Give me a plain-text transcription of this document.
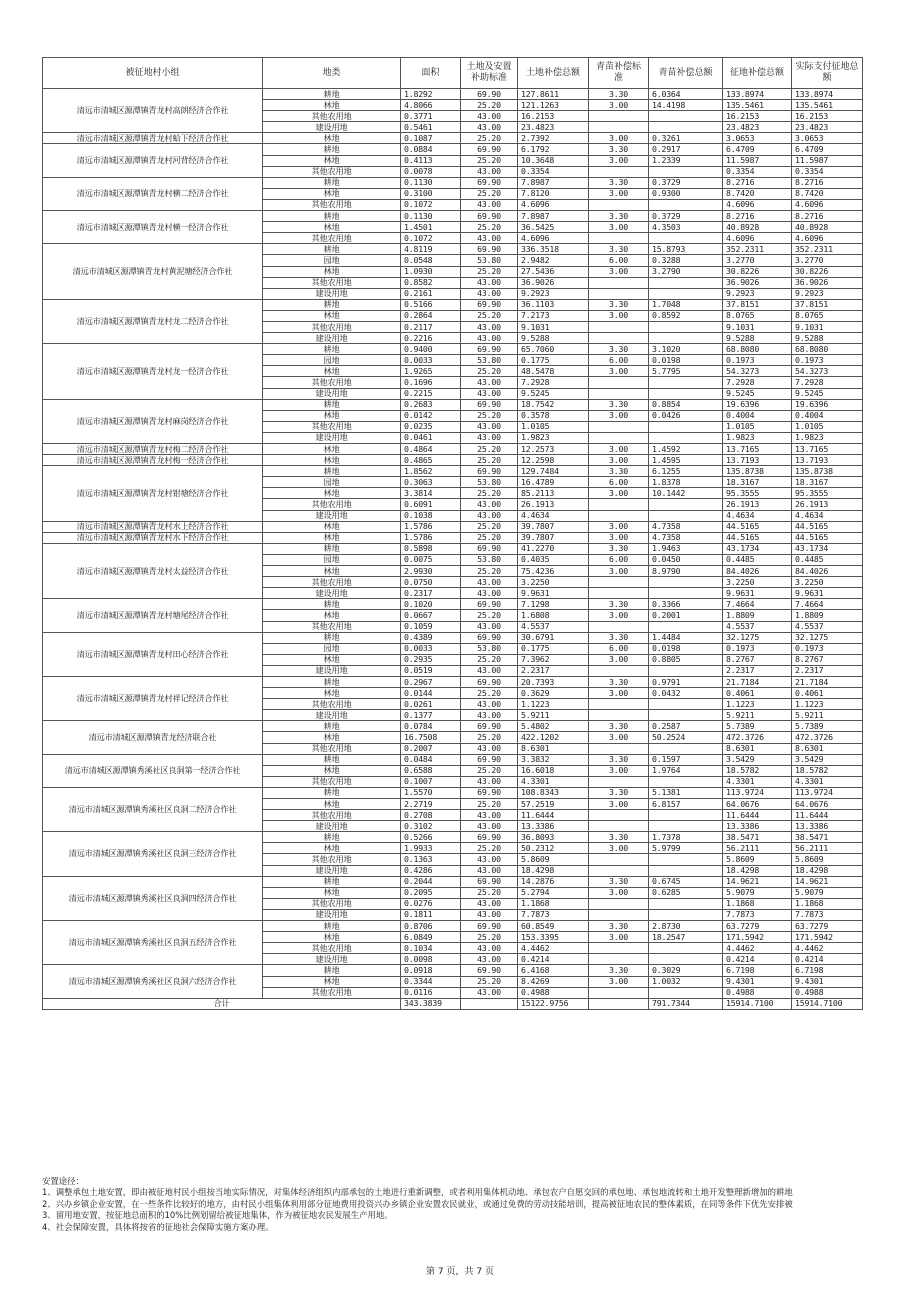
被征地村小组	地类	面积	土地及安置补助标准	土地补偿总额	青苗补偿标准	青苗补偿总额	征地补偿总额	实际支付征地总额
清远市清城区源潭镇青龙村高朗经济合作社	耕地	1.8292	69.90	127.8611	3.30	6.0364	133.8974	133.8974
	林地	4.8066	25.20	121.1263	3.00	14.4198	135.5461	135.5461
	其他农用地	0.3771	43.00	16.2153			16.2153	16.2153
	建设用地	0.5461	43.00	23.4823			23.4823	23.4823
清远市清城区源潭镇青龙村蛤下经济合作社	林地	0.1087	25.20	2.7392	3.00	0.3261	3.0653	3.0653
清远市清城区源潭镇青龙村河背经济合作社	耕地	0.0884	69.90	6.1792	3.30	0.2917	6.4709	6.4709
	林地	0.4113	25.20	10.3648	3.00	1.2339	11.5987	11.5987
	其他农用地	0.0078	43.00	0.3354			0.3354	0.3354
清远市清城区源潭镇青龙村横二经济合作社	耕地	0.1130	69.90	7.8987	3.30	0.3729	8.2716	8.2716
	林地	0.3100	25.20	7.8120	3.00	0.9300	8.7420	8.7420
	其他农用地	0.1072	43.00	4.6096			4.6096	4.6096
清远市清城区源潭镇青龙村横一经济合作社	耕地	0.1130	69.90	7.8987	3.30	0.3729	8.2716	8.2716
	林地	1.4501	25.20	36.5425	3.00	4.3503	40.8928	40.8928
	其他农用地	0.1072	43.00	4.6096			4.6096	4.6096
清远市清城区源潭镇青龙村黄泥塘经济合作社	耕地	4.8119	69.90	336.3518	3.30	15.8793	352.2311	352.2311
	园地	0.0548	53.80	2.9482	6.00	0.3288	3.2770	3.2770
	林地	1.0930	25.20	27.5436	3.00	3.2790	30.8226	30.8226
	其他农用地	0.8582	43.00	36.9026			36.9026	36.9026
	建设用地	0.2161	43.00	9.2923			9.2923	9.2923
清远市清城区源潭镇青龙村龙二经济合作社	耕地	0.5166	69.90	36.1103	3.30	1.7048	37.8151	37.8151
	林地	0.2864	25.20	7.2173	3.00	0.8592	8.0765	8.0765
	其他农用地	0.2117	43.00	9.1031			9.1031	9.1031
	建设用地	0.2216	43.00	9.5288			9.5288	9.5288
清远市清城区源潭镇青龙村龙一经济合作社	耕地	0.9400	69.90	65.7060	3.30	3.1020	68.8080	68.8080
	园地	0.0033	53.80	0.1775	6.00	0.0198	0.1973	0.1973
	林地	1.9265	25.20	48.5478	3.00	5.7795	54.3273	54.3273
	其他农用地	0.1696	43.00	7.2928			7.2928	7.2928
	建设用地	0.2215	43.00	9.5245			9.5245	9.5245
清远市清城区源潭镇青龙村麻岗经济合作社	耕地	0.2683	69.90	18.7542	3.30	0.8854	19.6396	19.6396
	林地	0.0142	25.20	0.3578	3.00	0.0426	0.4004	0.4004
	其他农用地	0.0235	43.00	1.0105			1.0105	1.0105
	建设用地	0.0461	43.00	1.9823			1.9823	1.9823
清远市清城区源潭镇青龙村梅二经济合作社	林地	0.4864	25.20	12.2573	3.00	1.4592	13.7165	13.7165
清远市清城区源潭镇青龙村梅一经济合作社	林地	0.4865	25.20	12.2598	3.00	1.4595	13.7193	13.7193
清远市清城区源潭镇青龙村钳塘经济合作社	耕地	1.8562	69.90	129.7484	3.30	6.1255	135.8738	135.8738
	园地	0.3063	53.80	16.4789	6.00	1.8378	18.3167	18.3167
	林地	3.3814	25.20	85.2113	3.00	10.1442	95.3555	95.3555
	其他农用地	0.6091	43.00	26.1913			26.1913	26.1913
	建设用地	0.1038	43.00	4.4634			4.4634	4.4634
清远市清城区源潭镇青龙村水上经济合作社	林地	1.5786	25.20	39.7807	3.00	4.7358	44.5165	44.5165
清远市清城区源潭镇青龙村水下经济合作社	林地	1.5786	25.20	39.7807	3.00	4.7358	44.5165	44.5165
清远市清城区源潭镇青龙村太益经济合作社	耕地	0.5898	69.90	41.2270	3.30	1.9463	43.1734	43.1734
	园地	0.0075	53.80	0.4035	6.00	0.0450	0.4485	0.4485
	林地	2.9930	25.20	75.4236	3.00	8.9790	84.4026	84.4026
	其他农用地	0.0750	43.00	3.2250			3.2250	3.2250
	建设用地	0.2317	43.00	9.9631			9.9631	9.9631
清远市清城区源潭镇青龙村塘尾经济合作社	耕地	0.1020	69.90	7.1298	3.30	0.3366	7.4664	7.4664
	林地	0.0667	25.20	1.6808	3.00	0.2001	1.8809	1.8809
	其他农用地	0.1059	43.00	4.5537			4.5537	4.5537
清远市清城区源潭镇青龙村田心经济合作社	耕地	0.4389	69.90	30.6791	3.30	1.4484	32.1275	32.1275
	园地	0.0033	53.80	0.1775	6.00	0.0198	0.1973	0.1973
	林地	0.2935	25.20	7.3962	3.00	0.8805	8.2767	8.2767
	建设用地	0.0519	43.00	2.2317			2.2317	2.2317
清远市清城区源潭镇青龙村祥记经济合作社	耕地	0.2967	69.90	20.7393	3.30	0.9791	21.7184	21.7184
	林地	0.0144	25.20	0.3629	3.00	0.0432	0.4061	0.4061
	其他农用地	0.0261	43.00	1.1223			1.1223	1.1223
	建设用地	0.1377	43.00	5.9211			5.9211	5.9211
清远市清城区源潭镇青龙经济联合社	耕地	0.0784	69.90	5.4802	3.30	0.2587	5.7389	5.7389
	林地	16.7508	25.20	422.1202	3.00	50.2524	472.3726	472.3726
	其他农用地	0.2007	43.00	8.6301			8.6301	8.6301
清远市清城区源潭镇秀溪社区良洞第一经济合作社	耕地	0.0484	69.90	3.3832	3.30	0.1597	3.5429	3.5429
	林地	0.6588	25.20	16.6018	3.00	1.9764	18.5782	18.5782
	其他农用地	0.1007	43.00	4.3301			4.3301	4.3301
清远市清城区源潭镇秀溪社区良洞二经济合作社	耕地	1.5570	69.90	108.8343	3.30	5.1381	113.9724	113.9724
	林地	2.2719	25.20	57.2519	3.00	6.8157	64.0676	64.0676
	其他农用地	0.2708	43.00	11.6444			11.6444	11.6444
	建设用地	0.3102	43.00	13.3386			13.3386	13.3386
清远市清城区源潭镇秀溪社区良洞三经济合作社	耕地	0.5266	69.90	36.8093	3.30	1.7378	38.5471	38.5471
	林地	1.9933	25.20	50.2312	3.00	5.9799	56.2111	56.2111
	其他农用地	0.1363	43.00	5.8609			5.8609	5.8609
	建设用地	0.4286	43.00	18.4298			18.4298	18.4298
清远市清城区源潭镇秀溪社区良洞四经济合作社	耕地	0.2044	69.90	14.2876	3.30	0.6745	14.9621	14.9621
	林地	0.2095	25.20	5.2794	3.00	0.6285	5.9079	5.9079
	其他农用地	0.0276	43.00	1.1868			1.1868	1.1868
	建设用地	0.1811	43.00	7.7873			7.7873	7.7873
清远市清城区源潭镇秀溪社区良洞五经济合作社	耕地	0.8706	69.90	60.8549	3.30	2.8730	63.7279	63.7279
	林地	6.0849	25.20	153.3395	3.00	18.2547	171.5942	171.5942
	其他农用地	0.1034	43.00	4.4462			4.4462	4.4462
	建设用地	0.0098	43.00	0.4214			0.4214	0.4214
清远市清城区源潭镇秀溪社区良洞六经济合作社	耕地	0.0918	69.90	6.4168	3.30	0.3029	6.7198	6.7198
	林地	0.3344	25.20	8.4269	3.00	1.0032	9.4301	9.4301
	其他农用地	0.0116	43.00	0.4988			0.4988	0.4988
合计		343.3839		15122.9756		791.7344	15914.7100	15914.7100

安置途径：

1、调整承包土地安置，即由被征地村民小组按当地实际情况，对集体经济组织内部承包的土地进行重新调整，或者利用集体机动地、承包农户自愿交回的承包地、承包地流转和土地开发整理新增加的耕地

2、兴办乡镇企业安置，在一些条件比较好的地方，由村民小组集体利用部分征地费用投资兴办乡镇企业安置农民就业，或通过免费的劳动技能培训，提高被征地农民的整体素质，在同等条件下优先安排被

3、留用地安置，按征地总面积的10%比例划留给被征地集体，作为被征地农民发展生产用地。

4、社会保障安置，具体将按省的征地社会保障实施方案办理。

第 7 页，共 7 页
